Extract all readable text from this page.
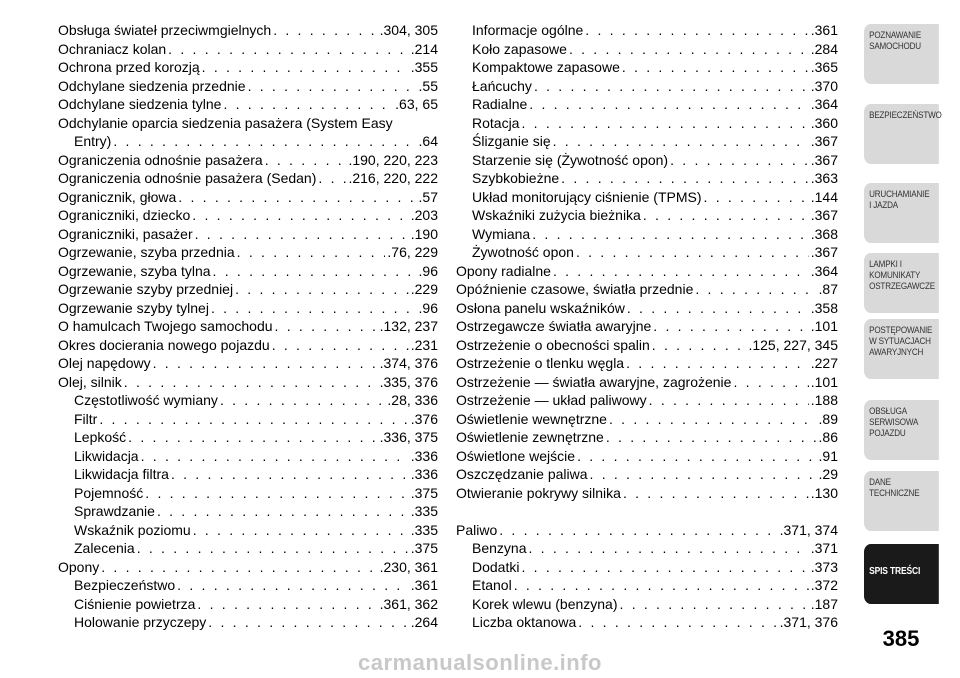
Obsługa świateł przeciwmgielnych . . .	.304, 305
Ochraniacz kolan . . .	.214
Ochrona przed korozją . . .	.355
Odchylane siedzenia przednie . . .	.55
Odchylane siedzenia tylne . . .	.63, 65
Odchylanie oparcia siedzenia pasażera (System Easy
Entry) . . .	.64
Ograniczenia odnośnie pasażera . . .	.190, 220, 223
Ograniczenia odnośnie pasażera (Sedan) . . . .216, 220, 222
Ogranicznik, głowa . . .	.57
Ograniczniki, dziecko . . .	.203
Ograniczniki, pasażer . . .	.190
Ogrzewanie, szyba przednia . . .	.76, 229
Ogrzewanie, szyba tylna . . .	.96
Ogrzewanie szyby przedniej . . .	.229
Ogrzewanie szyby tylnej . . .	.96
O hamulcach Twojego samochodu . . .	.132, 237
Okres docierania nowego pojazdu . . .	.231
Olej napędowy . . .	.374, 376
Olej, silnik . . .	.335, 376
Częstotliwość wymiany . . .	.28, 336
Filtr . . .	.376
Lepkość . . .	.336, 375
Likwidacja . . .	.336
Likwidacja filtra . . .	.336
Pojemność . . .	.375
Sprawdzanie . . .	.335
Wskaźnik poziomu . . .	.335
Zalecenia . . .	.375
Opony . . .	.230, 361
Bezpieczeństwo . . .	.361
Ciśnienie powietrza . . .	.361, 362
Holowanie przyczepy . . .	.264
Informacje ogólne . . .	.361
Koło zapasowe . . .	.284
Kompaktowe zapasowe . . .	.365
Łańcuchy . . .	.370
Radialne . . .	.364
Rotacja . . .	.360
Ślizganie się . . .	.367
Starzenie się (Żywotność opon) . . .	.367
Szybkobieżne . . .	.363
Układ monitorujący ciśnienie (TPMS) . . .	.144
Wskaźniki zużycia bieżnika . . .	.367
Wymiana . . .	.368
Żywotność opon . . .	.367
Opony radialne . . .	.364
Opóźnienie czasowe, światła przednie . . .	.87
Osłona panelu wskaźników . . .	.358
Ostrzegawcze światła awaryjne . . .	.101
Ostrzeżenie o obecności spalin . . .	.125, 227, 345
Ostrzeżenie o tlenku węgla . . .	.227
Ostrzeżenie — światła awaryjne, zagrożenie . . .	.101
Ostrzeżenie — układ paliwowy . . .	.188
Oświetlenie wewnętrzne . . .	.89
Oświetlenie zewnętrzne . . .	.86
Oświetlone wejście . . .	.91
Oszczędzanie paliwa . . .	.29
Otwieranie pokrywy silnika . . .	.130
Paliwo . . .	.371, 374
Benzyna . . .	.371
Dodatki . . .	.373
Etanol . . .	.372
Korek wlewu (benzyna) . . .	.187
Liczba oktanowa . . .	.371, 376
POZNAWANIE
SAMOCHODU
BEZPIECZEŃSTWO
URUCHAMIANIE
I JAZDA
LAMPKI I
KOMUNIKATY
OSTRZEGAWCZE
POSTĘPOWANIE
W SYTUACJACH
AWARYJNYCH
OBSŁUGA
SERWISOWA
POJAZDU
DANE
TECHNICZNE
SPIS TREŚCI
385
carmanualsonline.info
